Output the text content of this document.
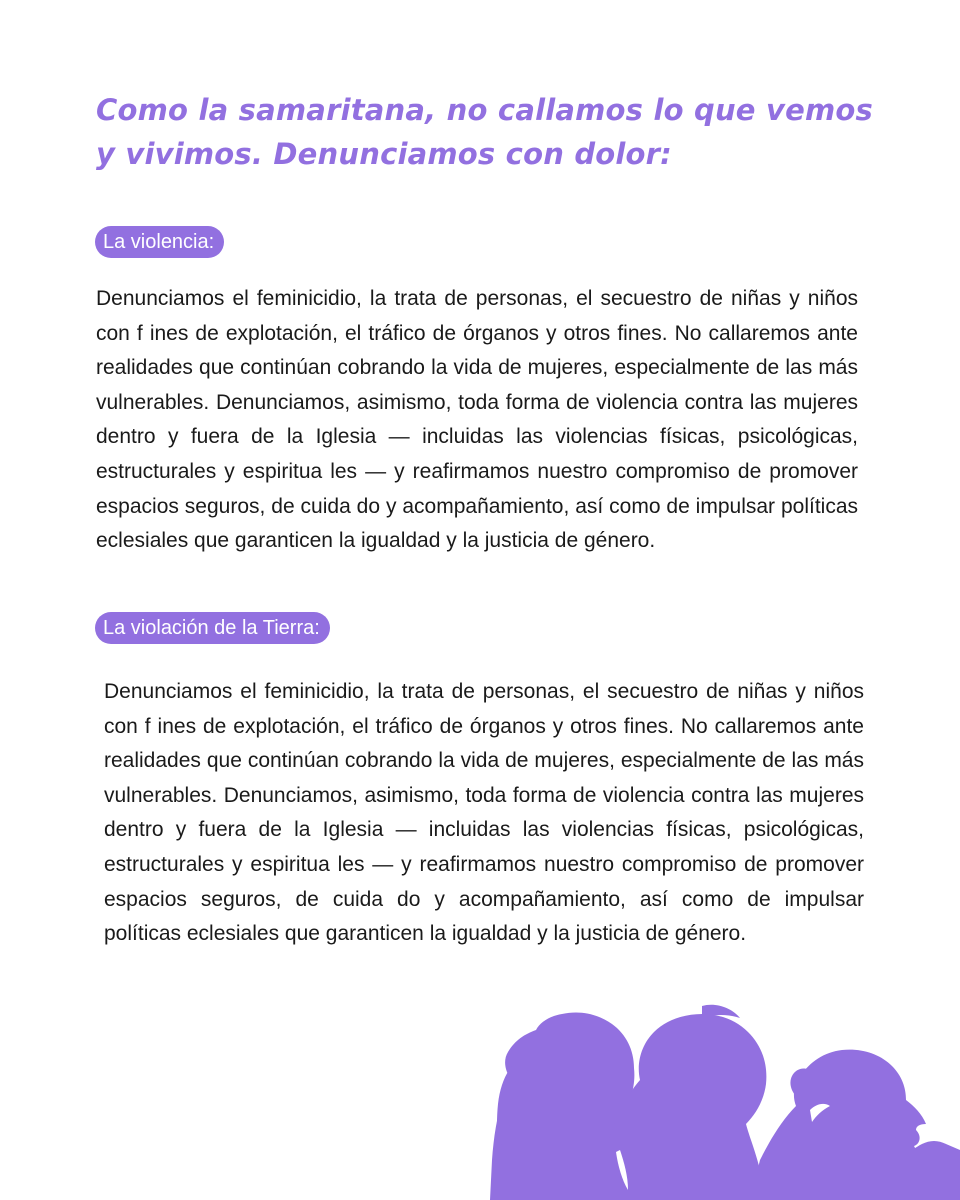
Como la samaritana, no callamos lo que vemos y vivimos. Denunciamos con dolor:
La violencia:

Denunciamos el feminicidio, la trata de personas, el secuestro de niñas y niños con f ines de explotación, el tráfico de órganos y otros fines. No callaremos ante realidades que continúan cobrando la vida de mujeres, especialmente de las más vulnerables. Denunciamos, asimismo, toda forma de violencia contra las mujeres dentro y fuera de la Iglesia — incluidas las violencias físicas, psicológicas, estructurales y espiritua les — y reafirmamos nuestro compromiso de promover espacios seguros, de cuida do y acompañamiento, así como de impulsar políticas eclesiales que garanticen la igualdad y la justicia de género.

La violación de la Tierra:

Denunciamos el feminicidio, la trata de personas, el secuestro de niñas y niños con f ines de explotación, el tráfico de órganos y otros fines. No callaremos ante realidades que continúan cobrando la vida de mujeres, especialmente de las más vulnerables. Denunciamos, asimismo, toda forma de violencia contra las mujeres dentro y fuera de la Iglesia — incluidas las violencias físicas, psicológicas, estructurales y espiritua les — y reafirmamos nuestro compromiso de promover espacios seguros, de cuida do y acompañamiento, así como de impulsar políticas eclesiales que garanticen la igualdad y la justicia de género.
